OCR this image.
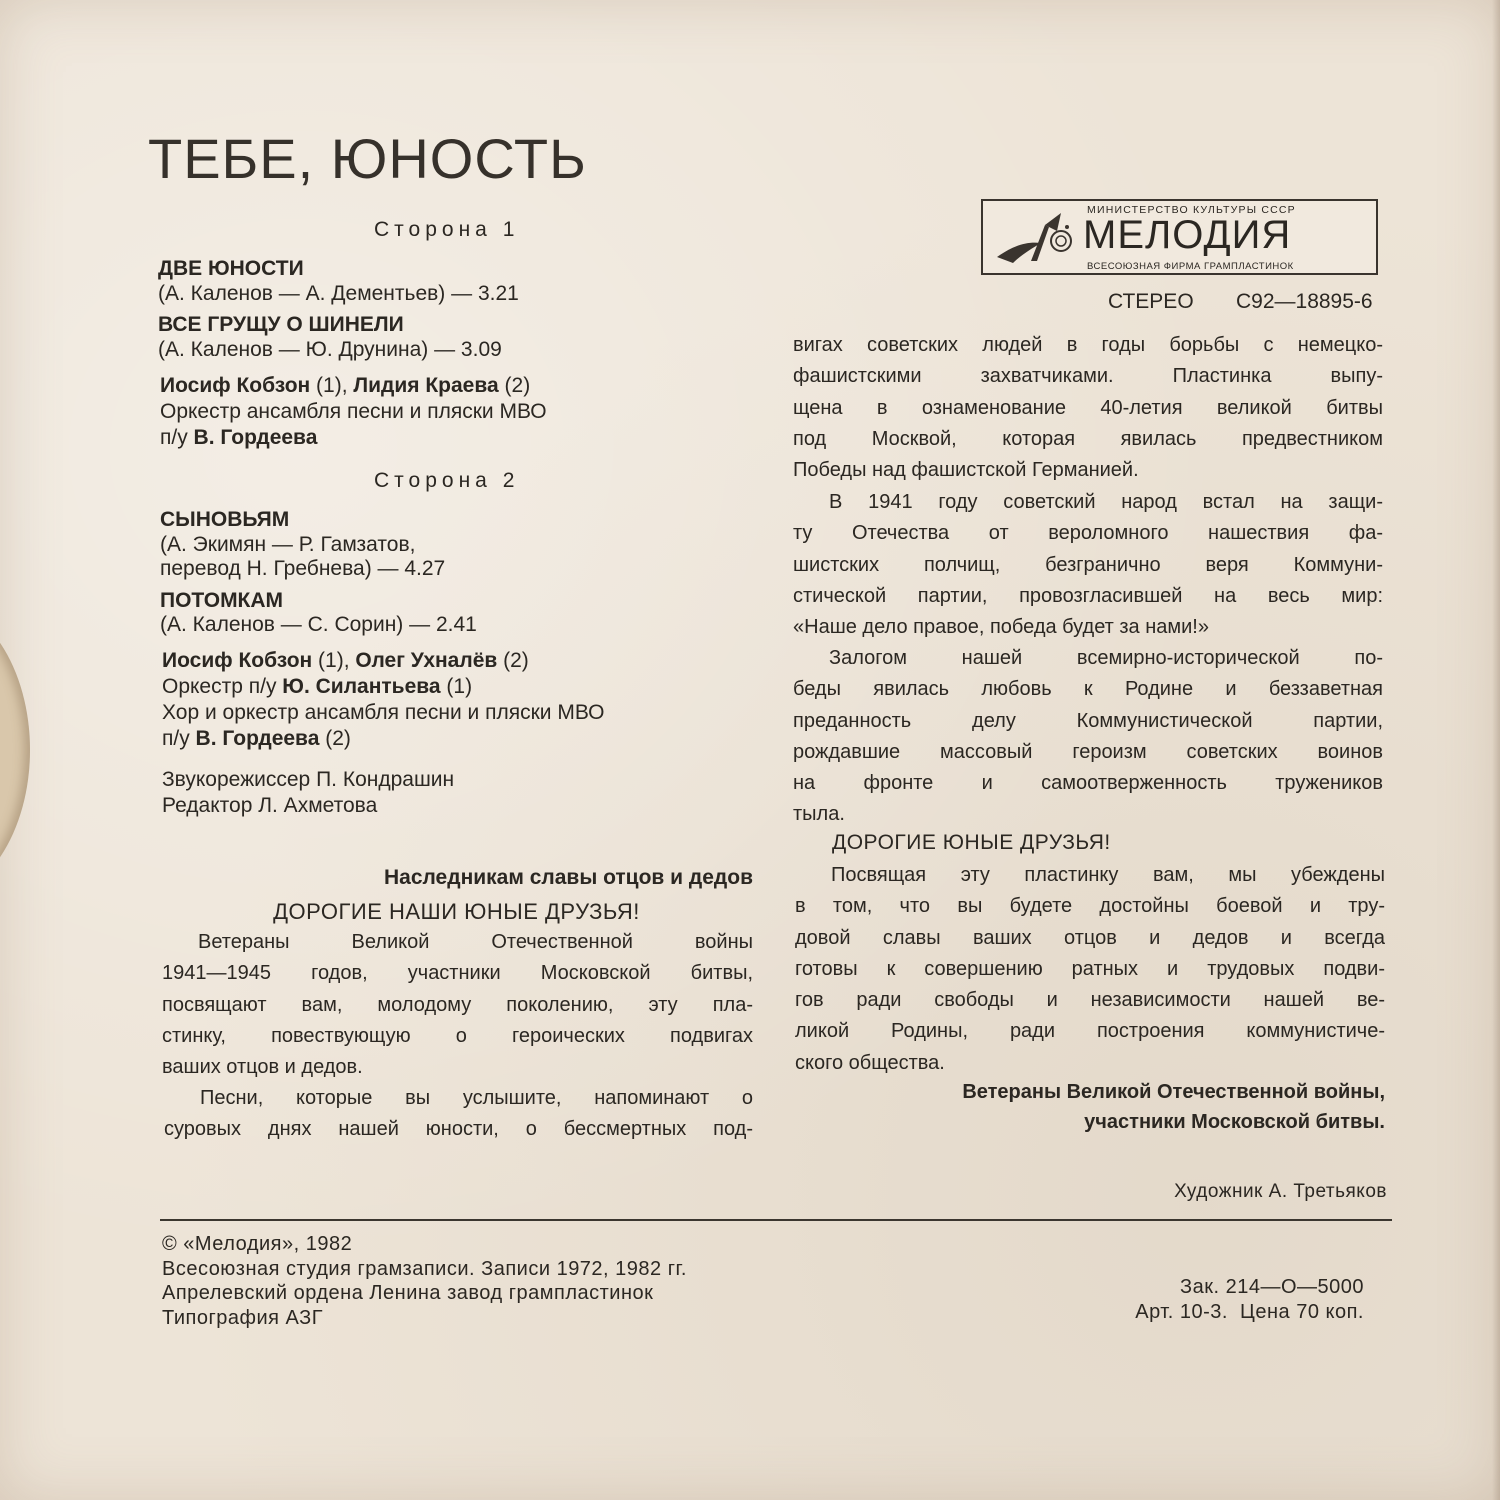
ТЕБЕ, ЮНОСТЬ
Сторона 1
ДВЕ ЮНОСТИ
(А. Каленов — А. Дементьев) — 3.21
ВСЕ ГРУЩУ О ШИНЕЛИ
(А. Каленов — Ю. Друнина) — 3.09
Иосиф Кобзон (1), Лидия Краева (2)
Оркестр ансамбля песни и пляски МВО
п/у В. Гордеева
Сторона 2
СЫНОВЬЯМ
(А. Экимян — Р. Гамзатов,
перевод Н. Гребнева) — 4.27
ПОТОМКАМ
(А. Каленов — С. Сорин) — 2.41
Иосиф Кобзон (1), Олег Ухналёв (2)
Оркестр п/у Ю. Силантьева (1)
Хор и оркестр ансамбля песни и пляски МВО
п/у В. Гордеева (2)
Звукорежиссер П. Кондрашин
Редактор Л. Ахметова
МИНИСТЕРСТВО КУЛЬТУРЫ СССР
МЕЛОДИЯ
ВСЕСОЮЗНАЯ ФИРМА ГРАМПЛАСТИНОК
СТЕРЕО С92—18895-6
Наследникам славы отцов и дедов
ДОРОГИЕ НАШИ ЮНЫЕ ДРУЗЬЯ!
Ветераны Великой Отечественной войны
1941—1945 годов, участники Московской битвы,
посвящают вам, молодому поколению, эту пла-
стинку, повествующую о героических подвигах
ваших отцов и дедов.
Песни, которые вы услышите, напоминают о
суровых днях нашей юности, о бессмертных под-
вигах советских людей в годы борьбы с немецко-
фашистскими захватчиками. Пластинка выпу-
щена в ознаменование 40-летия великой битвы
под Москвой, которая явилась предвестником
Победы над фашистской Германией.
В 1941 году советский народ встал на защи-
ту Отечества от вероломного нашествия фа-
шистских полчищ, безгранично веря Коммуни-
стической партии, провозгласившей на весь мир:
«Наше дело правое, победа будет за нами!»
Залогом нашей всемирно-исторической по-
беды явилась любовь к Родине и беззаветная
преданность делу Коммунистической партии,
рождавшие массовый героизм советских воинов
на фронте и самоотверженность тружеников
тыла.
ДОРОГИЕ ЮНЫЕ ДРУЗЬЯ!
Посвящая эту пластинку вам, мы убеждены
в том, что вы будете достойны боевой и тру-
довой славы ваших отцов и дедов и всегда
готовы к совершению ратных и трудовых подви-
гов ради свободы и независимости нашей ве-
ликой Родины, ради построения коммунистиче-
ского общества.
Ветераны Великой Отечественной войны,
участники Московской битвы.
Художник А. Третьяков
© «Мелодия», 1982
Всесоюзная студия грамзаписи. Записи 1972, 1982 гг.
Апрелевский ордена Ленина завод грампластинок
Типография АЗГ
Зак. 214—О—5000
Арт. 10-3.  Цена 70 коп.
